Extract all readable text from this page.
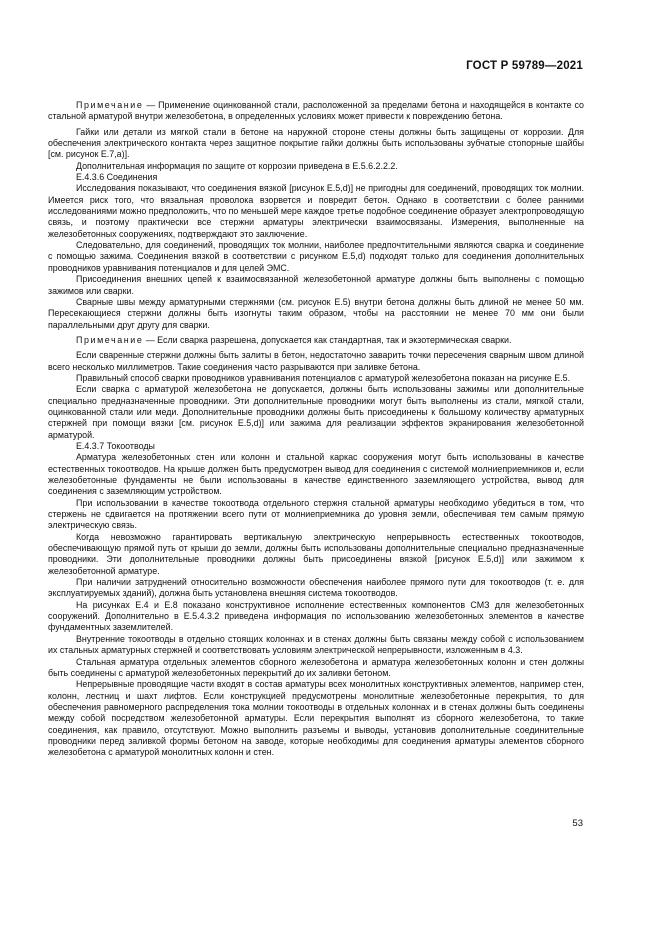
ГОСТ Р 59789—2021

Примечание — Применение оцинкованной стали, расположенной за пределами бетона и находящейся в контакте со стальной арматурой внутри железобетона, в определенных условиях может привести к повреждению бетона.

Гайки или детали из мягкой стали в бетоне на наружной стороне стены должны быть защищены от коррозии. Для обеспечения электрического контакта через защитное покрытие гайки должны быть использованы зубчатые стопорные шайбы [см. рисунок Е.7,а)].

Дополнительная информация по защите от коррозии приведена в Е.5.6.2.2.2.

Е.4.3.6 Соединения

Исследования показывают, что соединения вязкой [рисунок Е.5,d)] не пригодны для соединений, проводящих ток молнии. Имеется риск того, что вязальная проволока взорвется и повредит бетон. Однако в соответствии с более ранними исследованиями можно предположить, что по меньшей мере каждое третье подобное соединение образует электропроводящую связь, и поэтому практически все стержни арматуры электрически взаимосвязаны. Измерения, выполненные на железобетонных сооружениях, подтверждают это заключение.

Следовательно, для соединений, проводящих ток молнии, наиболее предпочтительными являются сварка и соединение с помощью зажима. Соединения вязкой в соответствии с рисунком Е.5,d) подходят только для соединения дополнительных проводников уравнивания потенциалов и для целей ЭМС.

Присоединения внешних цепей к взаимосвязанной железобетонной арматуре должны быть выполнены с помощью зажимов или сварки.

Сварные швы между арматурными стержнями (см. рисунок Е.5) внутри бетона должны быть длиной не менее 50 мм. Пересекающиеся стержни должны быть изогнуты таким образом, чтобы на расстоянии не менее 70 мм они были параллельными друг другу для сварки.

Примечание — Если сварка разрешена, допускается как стандартная, так и экзотермическая сварки.

Если сваренные стержни должны быть залиты в бетон, недостаточно заварить точки пересечения сварным швом длиной всего несколько миллиметров. Такие соединения часто разрываются при заливке бетона.

Правильный способ сварки проводников уравнивания потенциалов с арматурой железобетона показан на рисунке Е.5.

Если сварка с арматурой железобетона не допускается, должны быть использованы зажимы или дополнительные специально предназначенные проводники. Эти дополнительные проводники могут быть выполнены из стали, мягкой стали, оцинкованной стали или меди. Дополнительные проводники должны быть присоединены к большому количеству арматурных стержней при помощи вязки [см. рисунок Е.5,d)] или зажима для реализации эффектов экранирования железобетонной арматурой.

Е.4.3.7 Токоотводы

Арматура железобетонных стен или колонн и стальной каркас сооружения могут быть использованы в качестве естественных токоотводов. На крыше должен быть предусмотрен вывод для соединения с системой молниеприемников и, если железобетонные фундаменты не были использованы в качестве единственного заземляющего устройства, вывод для соединения с заземляющим устройством.

При использовании в качестве токоотвода отдельного стержня стальной арматуры необходимо убедиться в том, что стержень не сдвигается на протяжении всего пути от молниеприемника до уровня земли, обеспечивая тем самым прямую электрическую связь.

Когда невозможно гарантировать вертикальную электрическую непрерывность естественных токоотводов, обеспечивающую прямой путь от крыши до земли, должны быть использованы дополнительные специально предназначенные проводники. Эти дополнительные проводники должны быть присоединены вязкой [рисунок Е.5,d)] или зажимом к железобетонной арматуре.

При наличии затруднений относительно возможности обеспечения наиболее прямого пути для токоотводов (т. е. для эксплуатируемых зданий), должна быть установлена внешняя система токоотводов.

На рисунках Е.4 и Е.8 показано конструктивное исполнение естественных компонентов СМЗ для железобетонных сооружений. Дополнительно в Е.5.4.3.2 приведена информация по использованию железобетонных элементов в качестве фундаментных заземлителей.

Внутренние токоотводы в отдельно стоящих колоннах и в стенах должны быть связаны между собой с использованием их стальных арматурных стержней и соответствовать условиям электрической непрерывности, изложенным в 4.3.

Стальная арматура отдельных элементов сборного железобетона и арматура железобетонных колонн и стен должны быть соединены с арматурой железобетонных перекрытий до их заливки бетоном.

Непрерывные проводящие части входят в состав арматуры всех монолитных конструктивных элементов, например стен, колонн, лестниц и шахт лифтов. Если конструкцией предусмотрены монолитные железобетонные перекрытия, то для обеспечения равномерного распределения тока молнии токоотводы в отдельных колоннах и в стенах должны быть соединены между собой посредством железобетонной арматуры. Если перекрытия выполнят из сборного железобетона, то такие соединения, как правило, отсутствуют. Можно выполнить разъемы и выводы, установив дополнительные соединительные проводники перед заливкой формы бетоном на заводе, которые необходимы для соединения арматуры элементов сборного железобетона с арматурой монолитных колонн и стен.

53
